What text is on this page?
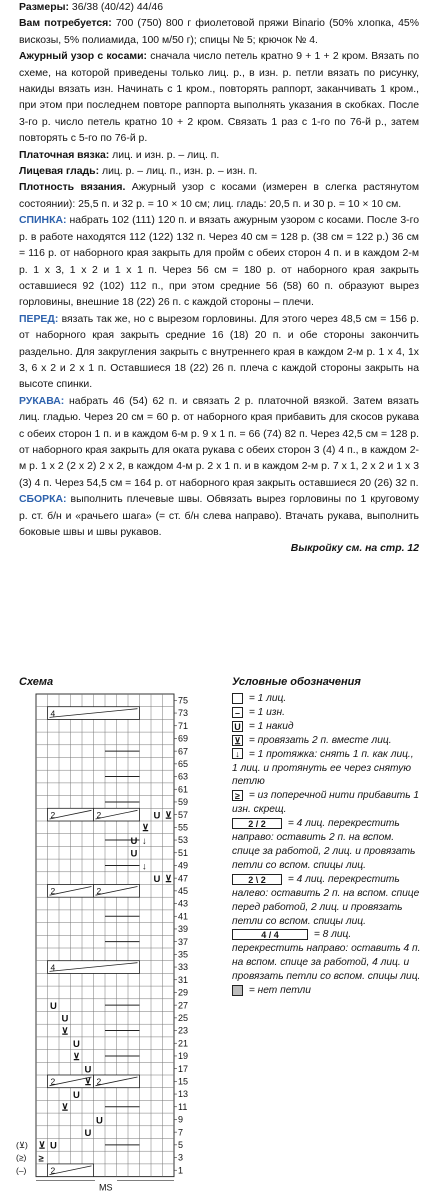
Размеры: 36/38 (40/42) 44/46

Вам потребуется: 700 (750) 800 г фиолетовой пряжи Binario (50% хлопка, 45% вискозы, 5% полиамида, 100 м/50 г); спицы № 5; крючок № 4.

Ажурный узор с косами: сначала число петель кратно 9 + 1 + 2 кром. Вязать по схеме, на которой приведены только лиц. р., в изн. р. петли вязать по рисунку, накиды вязать изн. Начинать с 1 кром., повторять раппорт, заканчивать 1 кром., при этом при последнем повторе раппорта выполнять указания в скобках. После 3-го р. число петель кратно 10 + 2 кром. Связать 1 раз с 1-го по 76-й р., затем повторять с 5-го по 76-й р.

Платочная вязка: лиц. и изн. р. – лиц. п.

Лицевая гладь: лиц. р. – лиц. п., изн. р. – изн. п.

Плотность вязания. Ажурный узор с косами (измерен в слегка растянутом состоянии): 25,5 п. и 32 р. = 10 × 10 см; лиц. гладь: 20,5 п. и 30 р. = 10 × 10 см.

СПИНКА: набрать 102 (111) 120 п. и вязать ажурным узором с косами. После 3-го р. в работе находятся 112 (122) 132 п. Через 40 см = 128 р. (38 см = 122 р.) 36 см = 116 р. от наборного края закрыть для пройм с обеих сторон 4 п. и в каждом 2-м р. 1 х 3, 1 х 2 и 1 х 1 п. Через 56 см = 180 р. от наборного края закрыть оставшиеся 92 (102) 112 п., при этом средние 56 (58) 60 п. образуют вырез горловины, внешние 18 (22) 26 п. с каждой стороны – плечи.

ПЕРЕД: вязать так же, но с вырезом горловины. Для этого через 48,5 см = 156 р. от наборного края закрыть средние 16 (18) 20 п. и обе стороны закончить раздельно. Для закругления закрыть с внутреннего края в каждом 2-м р. 1 х 4, 1х 3, 6 х 2 и 2 х 1 п. Оставшиеся 18 (22) 26 п. плеча с каждой стороны закрыть на высоте спинки.

РУКАВА: набрать 46 (54) 62 п. и связать 2 р. платочной вязкой. Затем вязать лиц. гладью. Через 20 см = 60 р. от наборного края прибавить для скосов рукава с обеих сторон 1 п. и в каждом 6-м р. 9 х 1 п. = 66 (74) 82 п. Через 42,5 см = 128 р. от наборного края закрыть для оката рукава с обеих сторон 3 (4) 4 п., в каждом 2-м р. 1 х 2 (2 х 2) 2 х 2, в каждом 4-м р. 2 х 1 п. и в каждом 2-м р. 7 х 1, 2 х 2 и 1 х 3 (3) 4 п. Через 54,5 см = 164 р. от наборного края закрыть оставшиеся 20 (26) 32 п.

СБОРКА: выполнить плечевые швы. Обвязать вырез горловины по 1 круговому р. ст. б/н и «рачьего шага» (= ст. б/н слева направо). Втачать рукава, выполнить боковые швы и швы рукавов.

Выкройку см. на стр. 12

Схема
75
73
71
69
67
65
63
61
59
57
55
53
51
49
47
45
43
41
39
37
35
33
31
29
27
25
23
21
19
17
15
13
11
9
7
5
3
1
(⊻)
(≥)
(–)
MS
4
2	2
2	2
4
2	2
2
U ⊻
⊻
U ↓
U
↓
U ⊻
U
U
⊻
U
⊻
U
⊻
U
⊻
U
U
U
≥
⊻
Условные обозначения

= 1 лиц.

– = 1 изн.

U = 1 накид

⊻ = провязать 2 п. вместе лиц.

↓ = 1 протяжка: снять 1 п. как лиц., 1 лиц. и протянуть ее через снятую петлю

≥ = из поперечной нити прибавить 1 изн. скрещ.

2 / 2 = 4 лиц. перекрестить направо: оставить 2 п. на вспом. спице за работой, 2 лиц. и провязать петли со вспом. спицы лиц.

2 \ 2 = 4 лиц. перекрестить налево: оставить 2 п. на вспом. спице перед работой, 2 лиц. и провязать петли со вспом. спицы лиц.

4 / 4	= 8 лиц. перекрестить направо: оставить 4 п. на вспом. спице за работой, 4 лиц. и провязать петли со вспом. спицы лиц.

= нет петли
